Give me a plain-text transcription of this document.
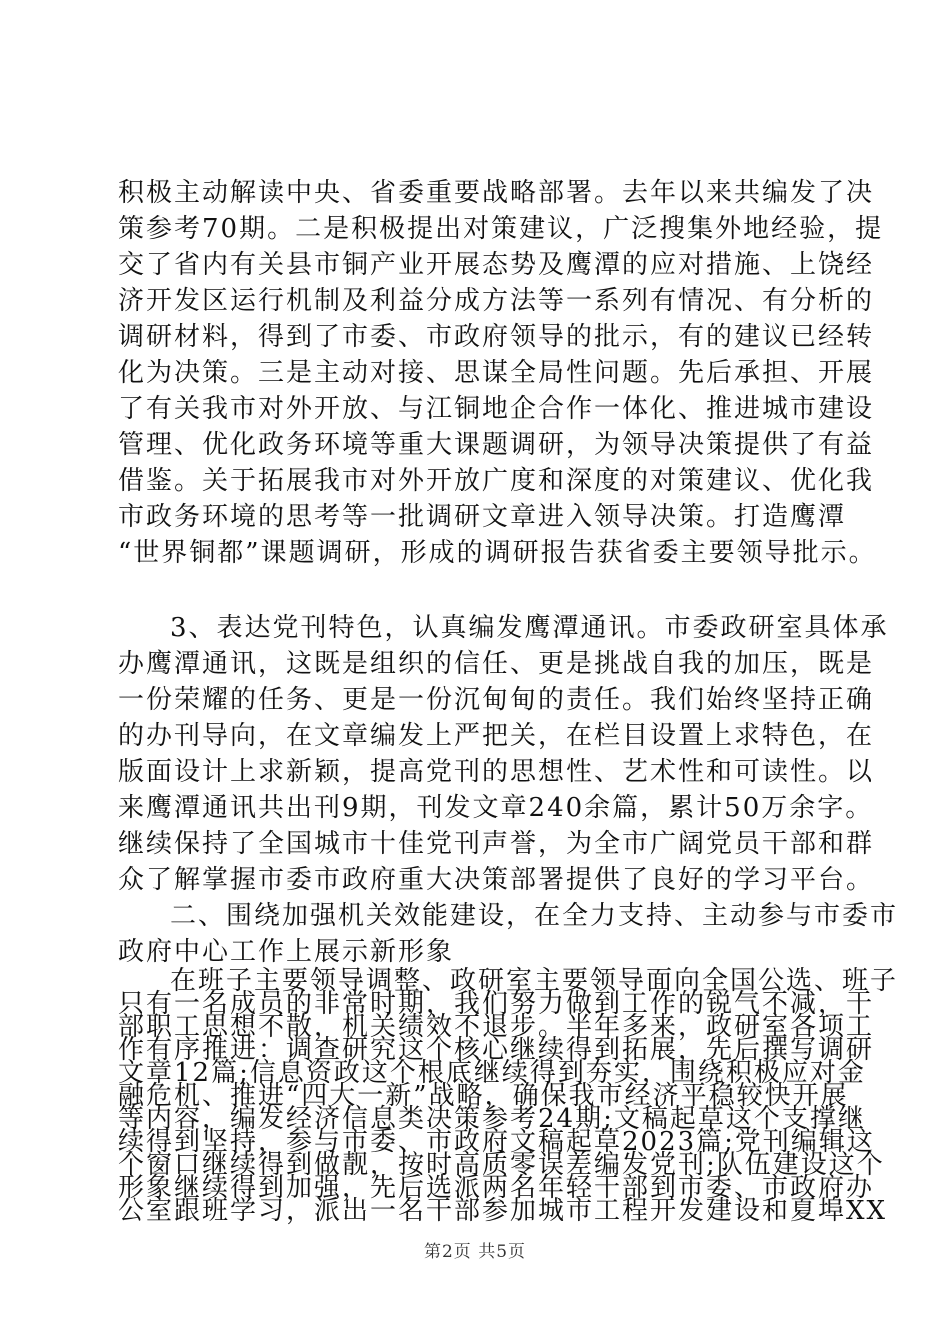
积极主动解读中央、省委重要战略部署。去年以来共编发了决
策参考70期。二是积极提出对策建议，广泛搜集外地经验，提
交了省内有关县市铜产业开展态势及鹰潭的应对措施、上饶经
济开发区运行机制及利益分成方法等一系列有情况、有分析的
调研材料，得到了市委、市政府领导的批示，有的建议已经转
化为决策。三是主动对接、思谋全局性问题。先后承担、开展
了有关我市对外开放、与江铜地企合作一体化、推进城市建设
管理、优化政务环境等重大课题调研，为领导决策提供了有益
借鉴。关于拓展我市对外开放广度和深度的对策建议、优化我
市政务环境的思考等一批调研文章进入领导决策。打造鹰潭
“世界铜都”课题调研，形成的调研报告获省委主要领导批示。
3、表达党刊特色，认真编发鹰潭通讯。市委政研室具体承
办鹰潭通讯，这既是组织的信任、更是挑战自我的加压，既是
一份荣耀的任务、更是一份沉甸甸的责任。我们始终坚持正确
的办刊导向，在文章编发上严把关，在栏目设置上求特色，在
版面设计上求新颖，提高党刊的思想性、艺术性和可读性。以
来鹰潭通讯共出刊9期，刊发文章240余篇，累计50万余字。
继续保持了全国城市十佳党刊声誉，为全市广阔党员干部和群
众了解掌握市委市政府重大决策部署提供了良好的学习平台。
二、围绕加强机关效能建设，在全力支持、主动参与市委市
政府中心工作上展示新形象
在班子主要领导调整、政研室主要领导面向全国公选、班子
只有一名成员的非常时期，我们努力做到工作的锐气不减，干
部职工思想不散，机关绩效不退步。半年多来，政研室各项工
作有序推进：调查研究这个核心继续得到拓展，先后撰写调研
文章12篇;信息资政这个根底继续得到夯实，围绕积极应对金
融危机、推进“四大一新”战略，确保我市经济平稳较快开展
等内容，编发经济信息类决策参考24期;文稿起草这个支撑继
续得到坚持，参与市委、市政府文稿起草2023篇;党刊编辑这
个窗口继续得到做靓，按时高质零误差编发党刊;队伍建设这个
形象继续得到加强，先后选派两名年轻干部到市委、市政府办
公室跟班学习，派出一名干部参加城市工程开发建设和夏埠XX
第2页 共5页
